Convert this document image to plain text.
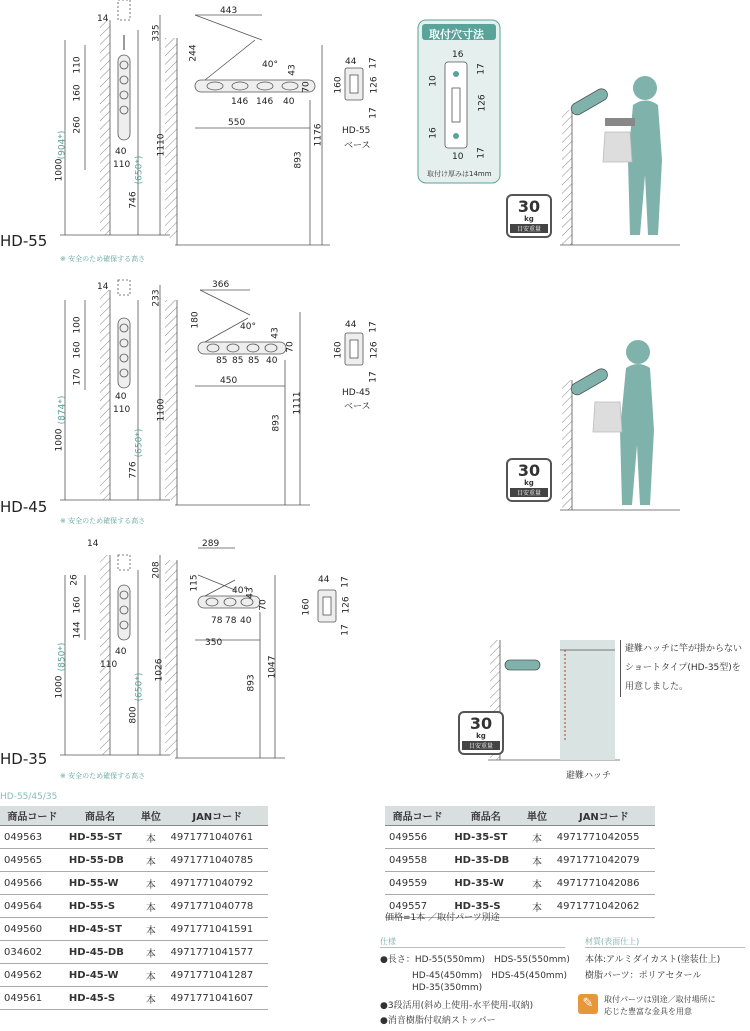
14
335
110
160
260
1000
(904*)	40
110
746
(650*)
1110
443
244
40° 43
70
146 146 40
550
893
1176
44 17
160	126
17
HD-55
ベース
HD-55
※ 安全のため確保する高さ
14
233
100
160
170
1000
(874*)	40
110
776
(650*)
1100
366
180	40°
43
70
85 85 85 40
450
893
1111
44 17
160	126
17
HD-45
ベース
HD-45
※ 安全のため確保する高さ
14
208
26
160
144
1000
(850*)	40
110
800
(650*)
1026
289
115	40°
43
70
78 78 40
350
893
1047
44 17
160	126
17
HD-35
※ 安全のため確保する高さ
取付穴寸法
16
10
126
16
10
17
17
取付け厚みは14mm
30
kg
目安重量
30
kg
目安重量
30
kg
目安重量
避難ハッチに竿が掛からない
ショートタイプ(HD-35型)を
用意しました。
避難ハッチ
HD-55/45/35
商品コード	商品名	単位	JANコード
049563	HD-55-ST	本	4971771040761
049565	HD-55-DB	本	4971771040785
049566	HD-55-W	本	4971771040792
049564	HD-55-S	本	4971771040778
049560	HD-45-ST	本	4971771041591
034602	HD-45-DB	本	4971771041577
049562	HD-45-W	本	4971771041287
049561	HD-45-S	本	4971771041607
商品コード	商品名	単位	JANコード
049556	HD-35-ST	本	4971771042055
049558	HD-35-DB	本	4971771042079
049559	HD-35-W	本	4971771042086
049557	HD-35-S	本	4971771042062
価格=1本 ／取付パーツ別途
仕様
●長さ：HD-55(550mm)　HDS-55(550mm)
HD-45(450mm)　HDS-45(450mm)
HD-35(350mm)
●3段活用(斜め上使用-水平使用-収納)
●消音樹脂付収納ストッパー
材質(表面仕上)
本体:アルミダイカスト(塗装仕上)
樹脂パーツ：ポリアセタール
✎	取付パーツは別途／取付場所に
応じた豊富な金具を用意
